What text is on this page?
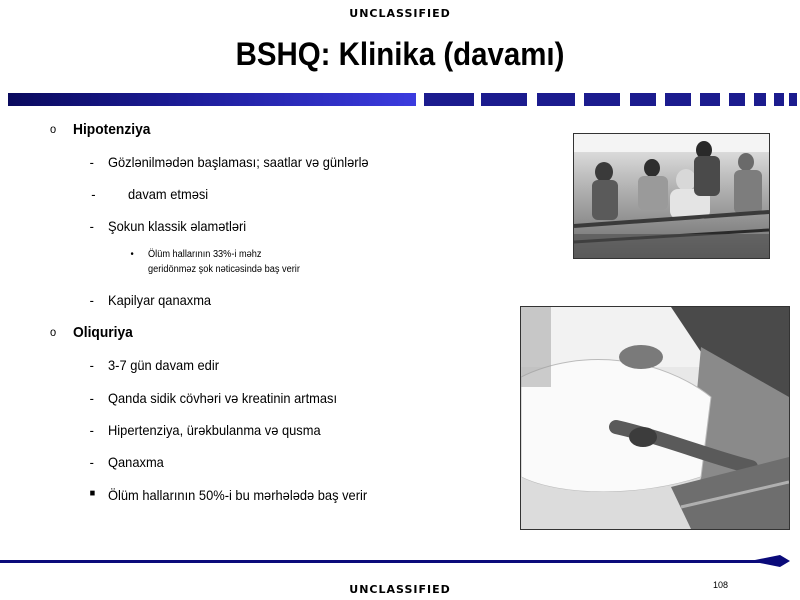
UNCLASSIFIED
BSHQ: Klinika (davamı)
o Hipotenziya
- Gözlənilmədən başlaması; saatlar və günlərlə
- davam etməsi
- Şokun klassik əlamətləri
• Ölüm hallarının 33%-i məhz
geridönməz şok nəticəsində baş verir
- Kapilyar qanaxma
o Oliquriya
- 3-7 gün davam edir
- Qanda sidik cövhəri və kreatinin artması
- Hipertenziya, ürəkbulanma və qusma
- Qanaxma
■ Ölüm hallarının 50%-i bu mərhələdə baş verir
108
UNCLASSIFIED
